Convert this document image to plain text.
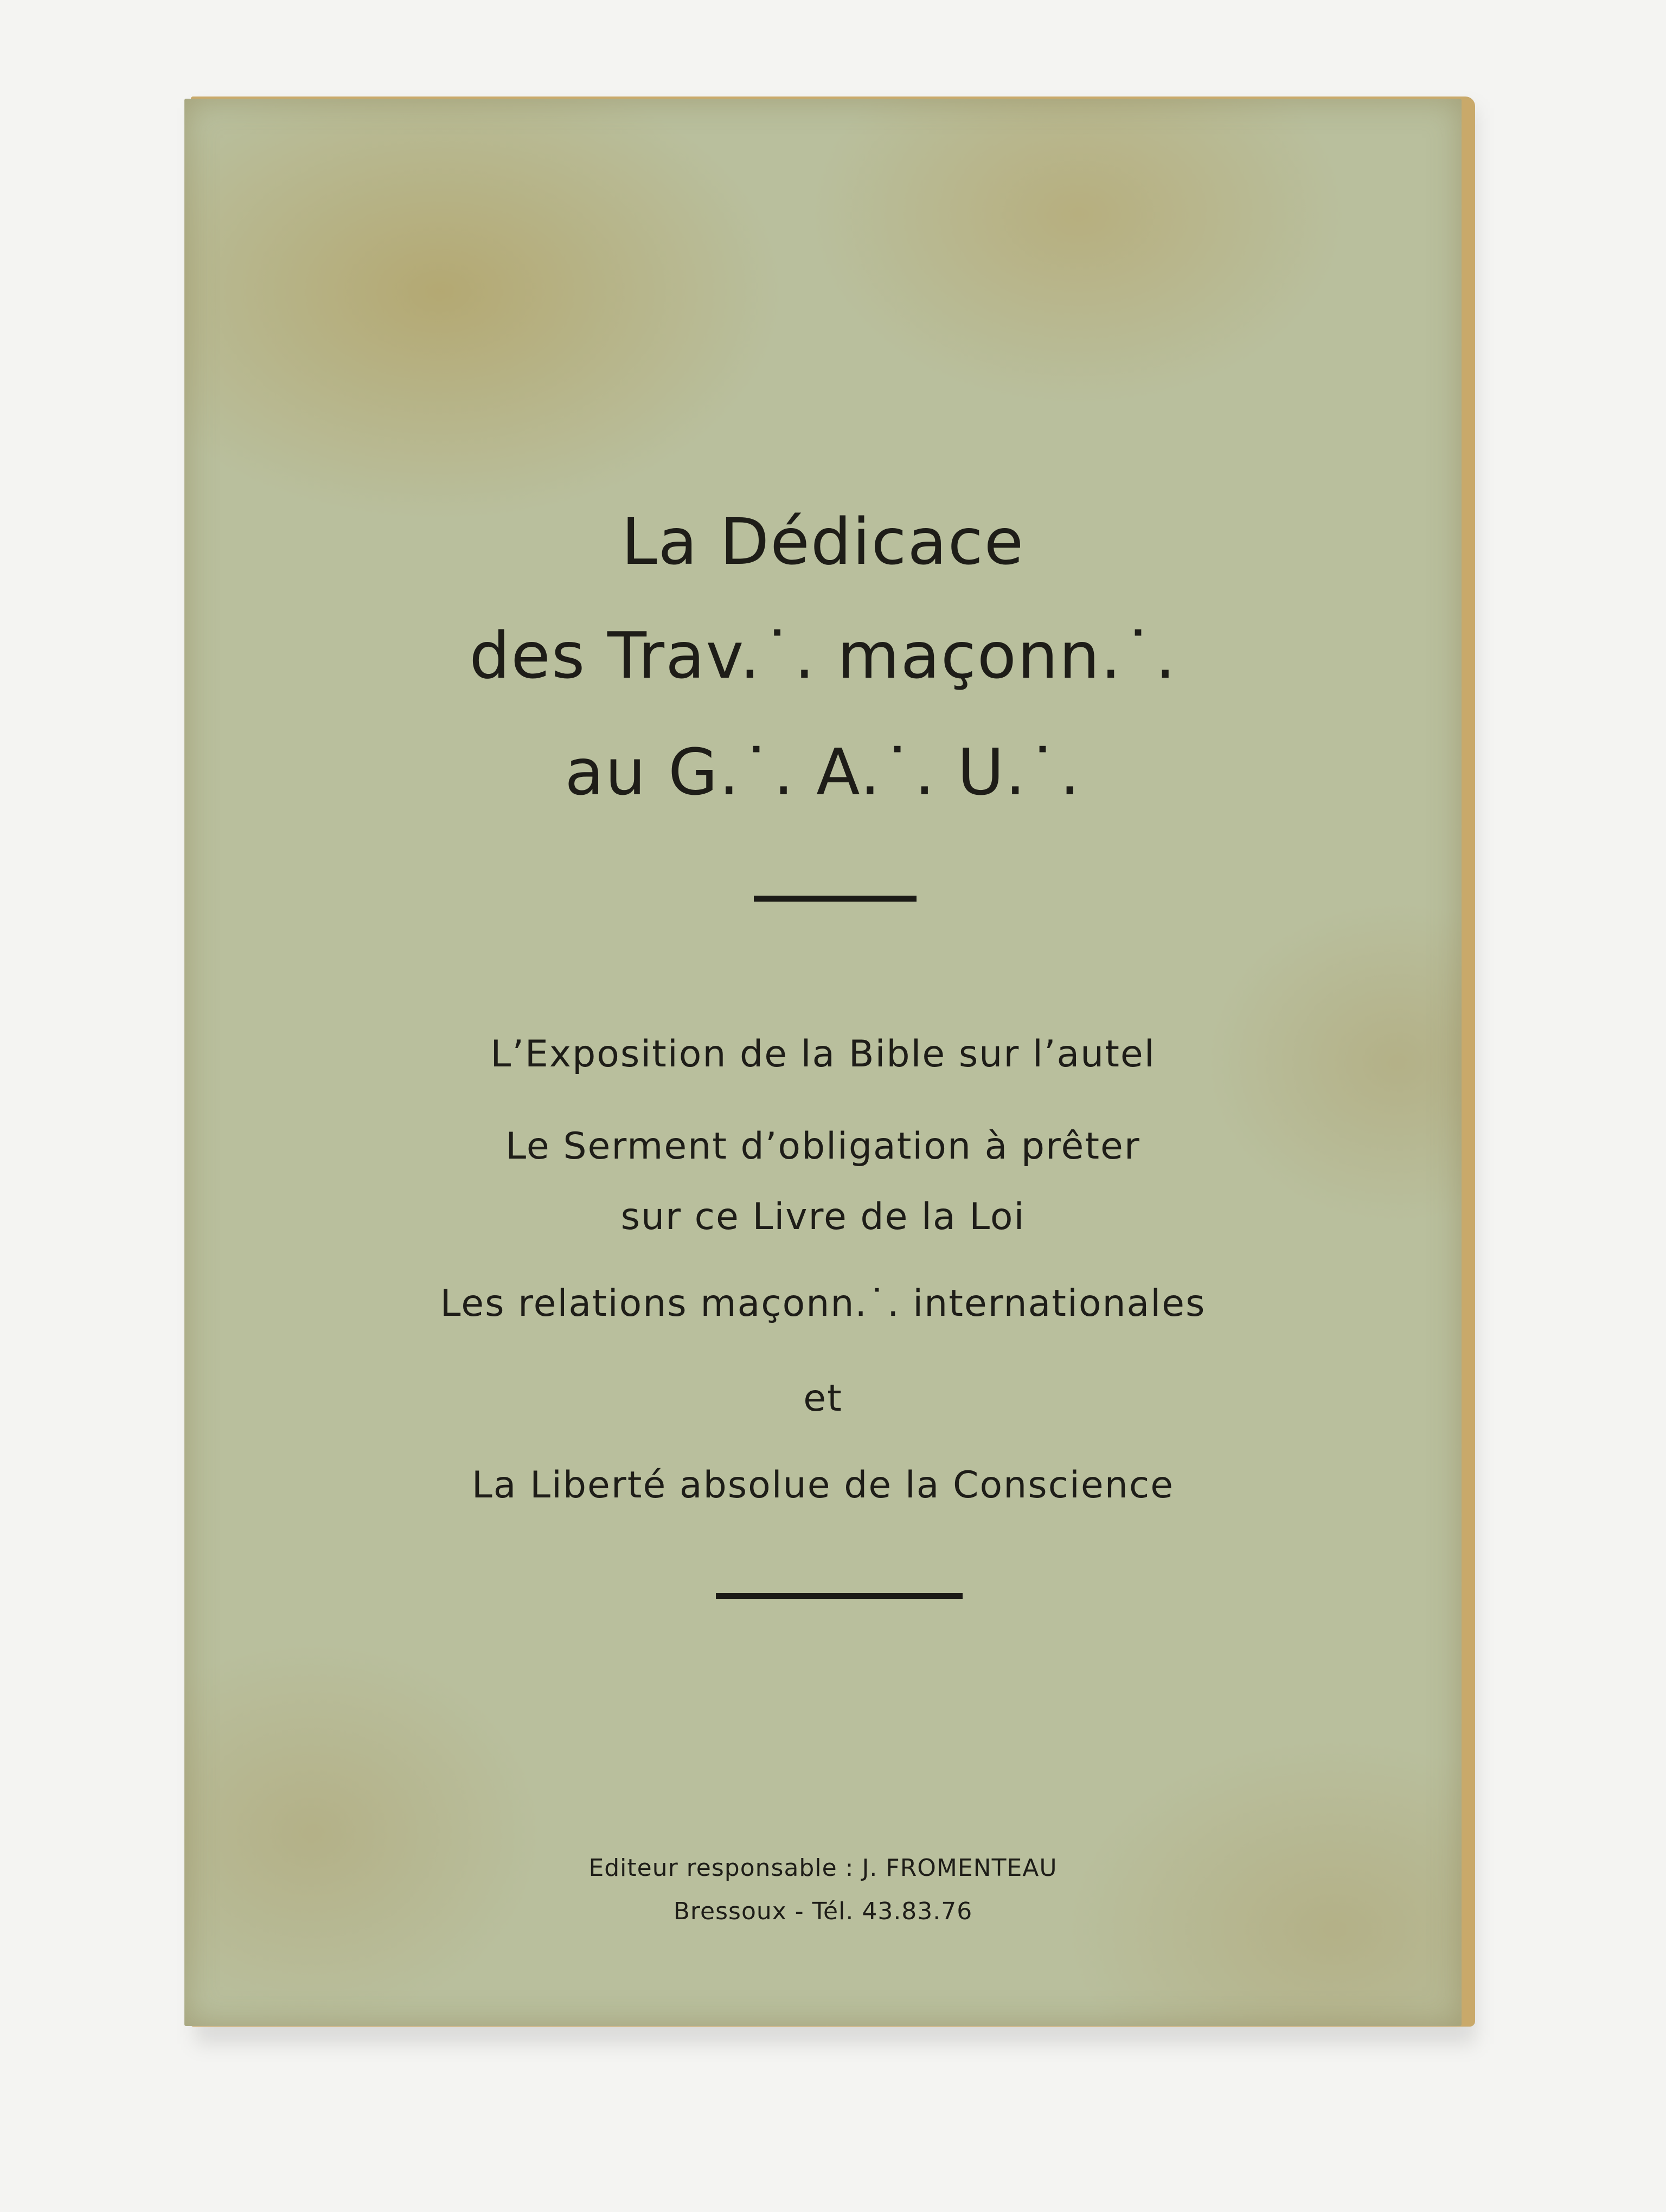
La Dédicace
des Trav.˙. maçonn.˙.
au G.˙. A.˙. U.˙.
L’Exposition de la Bible sur l’autel
Le Serment d’obligation à prêter
sur ce Livre de la Loi
Les relations maçonn.˙. internationales
et
La Liberté absolue de la Conscience
Editeur responsable : J. FROMENTEAU
Bressoux - Tél. 43.83.76
